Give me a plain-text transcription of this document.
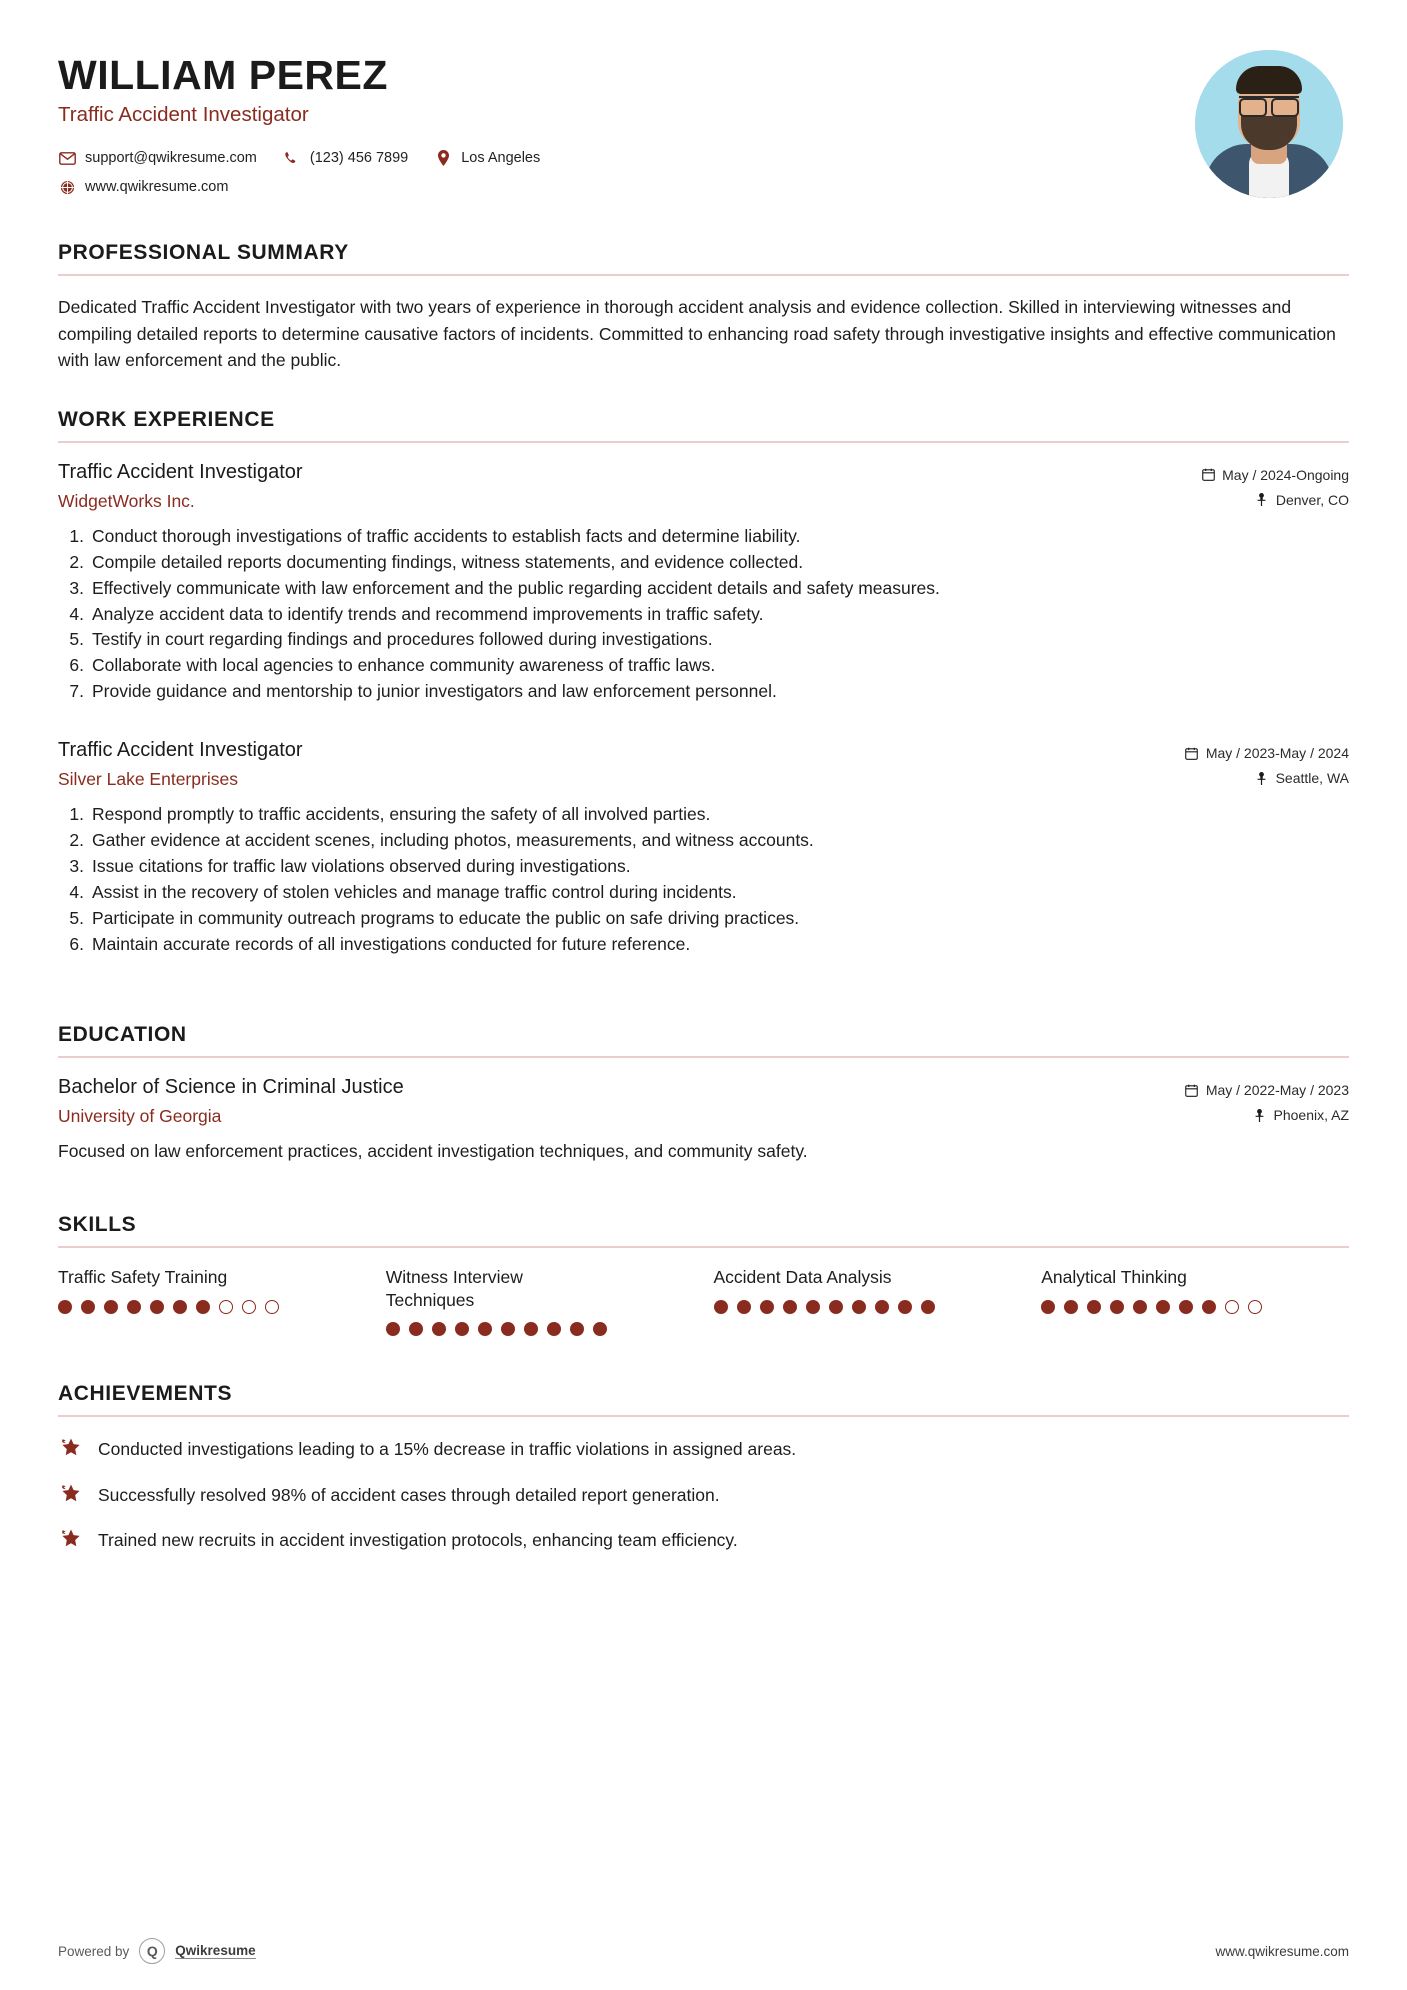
WILLIAM PEREZ
Traffic Accident Investigator
support@qwikresume.com	(123) 456 7899	Los Angeles
www.qwikresume.com
PROFESSIONAL SUMMARY
Dedicated Traffic Accident Investigator with two years of experience in thorough accident analysis and evidence collection. Skilled in interviewing witnesses and compiling detailed reports to determine causative factors of incidents. Committed to enhancing road safety through investigative insights and effective communication with law enforcement and the public.
WORK EXPERIENCE
Traffic Accident Investigator
WidgetWorks Inc.
May / 2024-Ongoing
Denver, CO
1. Conduct thorough investigations of traffic accidents to establish facts and determine liability.
2. Compile detailed reports documenting findings, witness statements, and evidence collected.
3. Effectively communicate with law enforcement and the public regarding accident details and safety measures.
4. Analyze accident data to identify trends and recommend improvements in traffic safety.
5. Testify in court regarding findings and procedures followed during investigations.
6. Collaborate with local agencies to enhance community awareness of traffic laws.
7. Provide guidance and mentorship to junior investigators and law enforcement personnel.
Traffic Accident Investigator
Silver Lake Enterprises
May / 2023-May / 2024
Seattle, WA
1. Respond promptly to traffic accidents, ensuring the safety of all involved parties.
2. Gather evidence at accident scenes, including photos, measurements, and witness accounts.
3. Issue citations for traffic law violations observed during investigations.
4. Assist in the recovery of stolen vehicles and manage traffic control during incidents.
5. Participate in community outreach programs to educate the public on safe driving practices.
6. Maintain accurate records of all investigations conducted for future reference.
EDUCATION
Bachelor of Science in Criminal Justice
University of Georgia
May / 2022-May / 2023
Phoenix, AZ
Focused on law enforcement practices, accident investigation techniques, and community safety.
SKILLS
Traffic Safety Training	Witness Interview Techniques
Accident Data Analysis	Analytical Thinking
ACHIEVEMENTS
Conducted investigations leading to a 15% decrease in traffic violations in assigned areas.
Successfully resolved 98% of accident cases through detailed report generation.
Trained new recruits in accident investigation protocols, enhancing team efficiency.
Powered by	Q	Qwikresume	www.qwikresume.com
